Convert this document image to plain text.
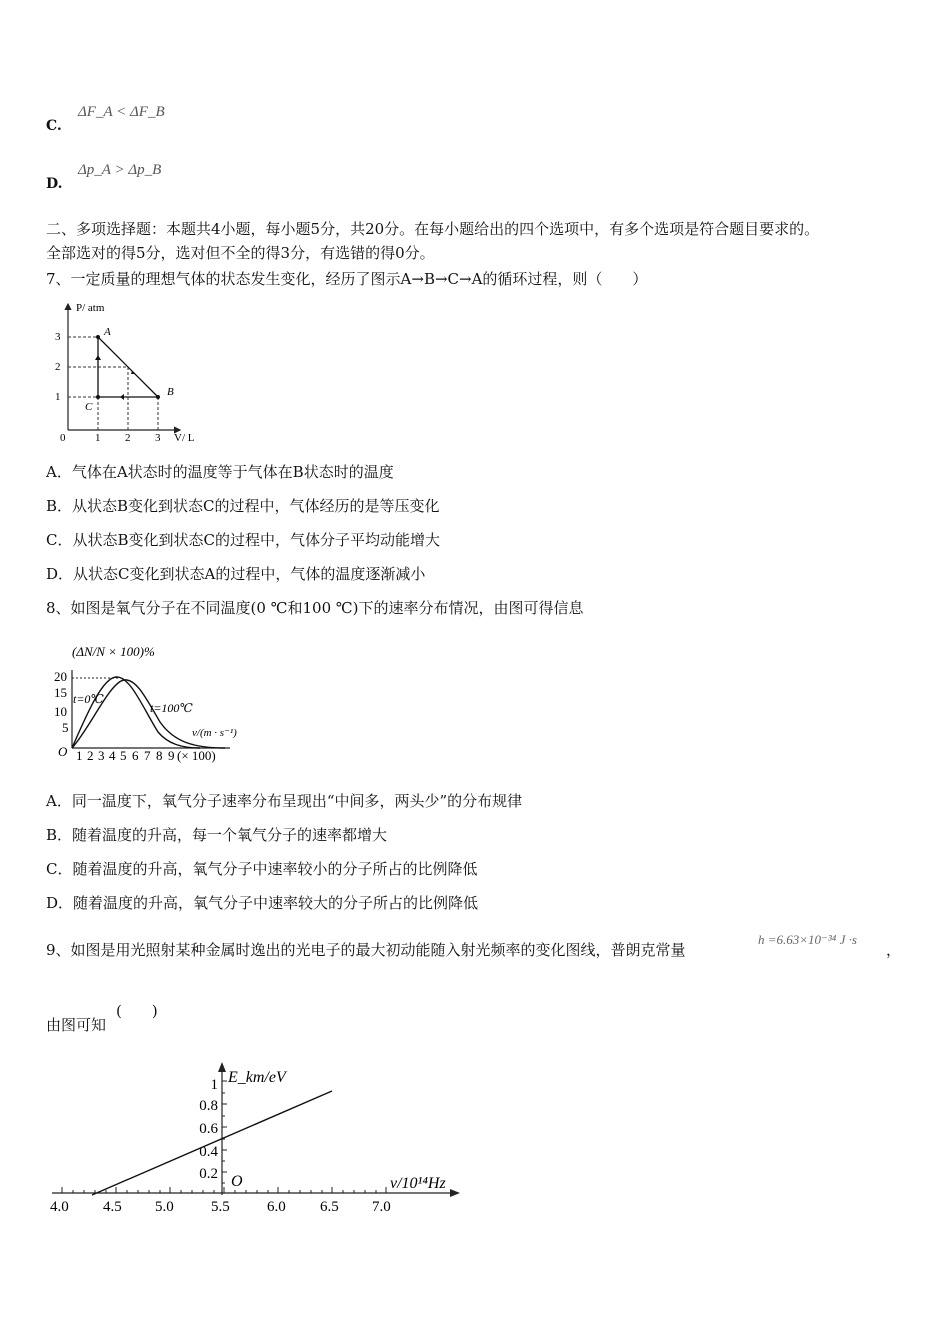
C.
ΔF_A < ΔF_B
D.
Δp_A > Δp_B
二、多项选择题：本题共4小题，每小题5分，共20分。在每小题给出的四个选项中，有多个选项是符合题目要求的。
全部选对的得5分，选对但不全的得3分，有选错的得0分。
7、一定质量的理想气体的状态发生变化，经历了图示A→B→C→A的循环过程，则（　　）
P/ atm
V/ L
1
2
3
0	1 2 3
A
B
C
A．气体在A状态时的温度等于气体在B状态时的温度
B．从状态B变化到状态C的过程中，气体经历的是等压变化
C．从状态B变化到状态C的过程中，气体分子平均动能增大
D．从状态C变化到状态A的过程中，气体的温度逐渐减小
8、如图是氧气分子在不同温度(0 ℃和100 ℃)下的速率分布情况，由图可得信息
(ΔN/N × 100)%
5
10
15
20
t=0℃
t=100℃
v/(m · s⁻¹)
O 1 2 3 4 5 6 7 8 9 (× 100)
A．同一温度下，氧气分子速率分布呈现出“中间多，两头少”的分布规律
B．随着温度的升高，每一个氧气分子的速率都增大
C．随着温度的升高，氧气分子中速率较小的分子所占的比例降低
D．随着温度的升高，氧气分子中速率较大的分子所占的比例降低
9、如图是用光照射某种金属时逸出的光电子的最大初动能随入射光频率的变化图线，普朗克常量
h =6.63×10⁻³⁴ J ·s
，
由图可知
(　　)
E_km/eV
1
0.8
0.6
0.4
0.2 O	ν/10¹⁴Hz
4.0 4.5 5.0 5.5 6.0 6.5 7.0
